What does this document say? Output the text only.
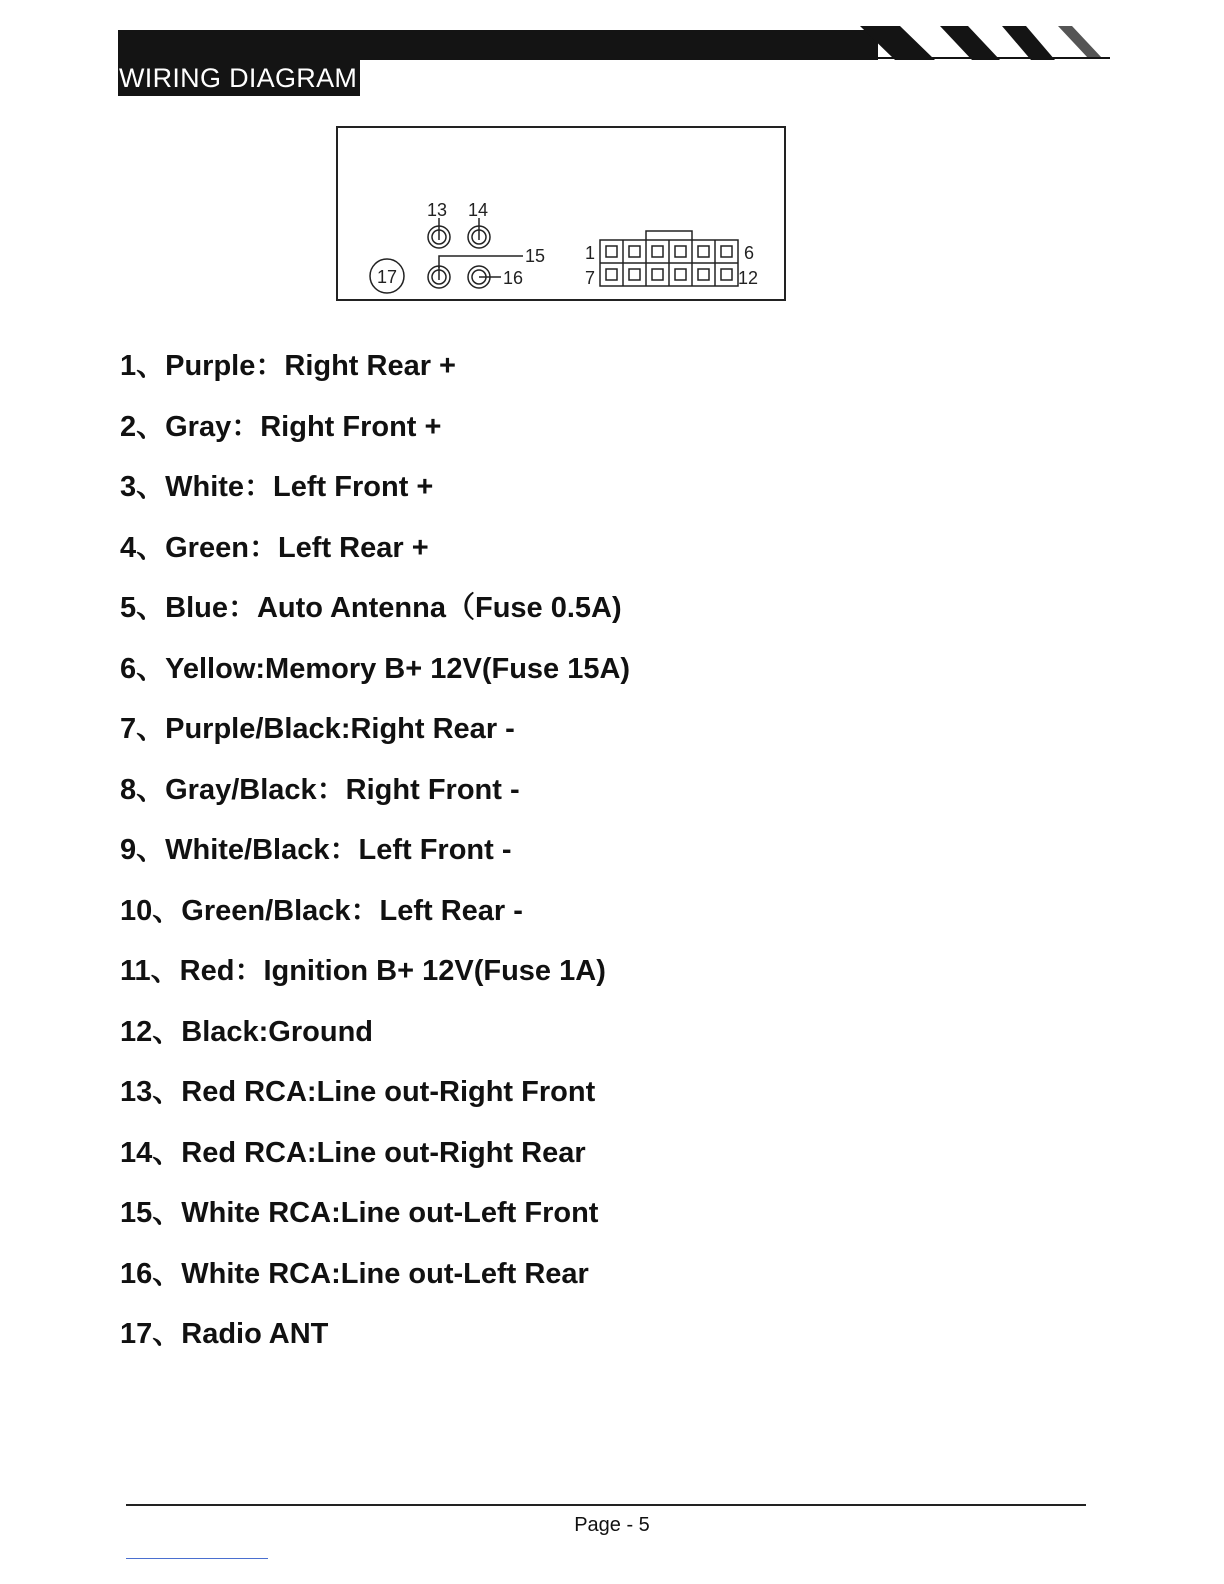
WIRING DIAGRAM
13 14
15
16
17
1	6
7	12
1、Purple：Right Rear +
2、Gray：Right Front +
3、White：Left Front +
4、Green：Left Rear +
5、Blue：Auto Antenna（Fuse 0.5A)
6、Yellow:Memory B+ 12V(Fuse 15A)
7、Purple/Black:Right Rear -
8、Gray/Black：Right Front -
9、White/Black：Left Front -
10、Green/Black：Left Rear -
11、Red：Ignition B+ 12V(Fuse 1A)
12、Black:Ground
13、Red RCA:Line out-Right Front
14、Red RCA:Line out-Right Rear
15、White RCA:Line out-Left Front
16、White RCA:Line out-Left Rear
17、Radio ANT
Page - 5
